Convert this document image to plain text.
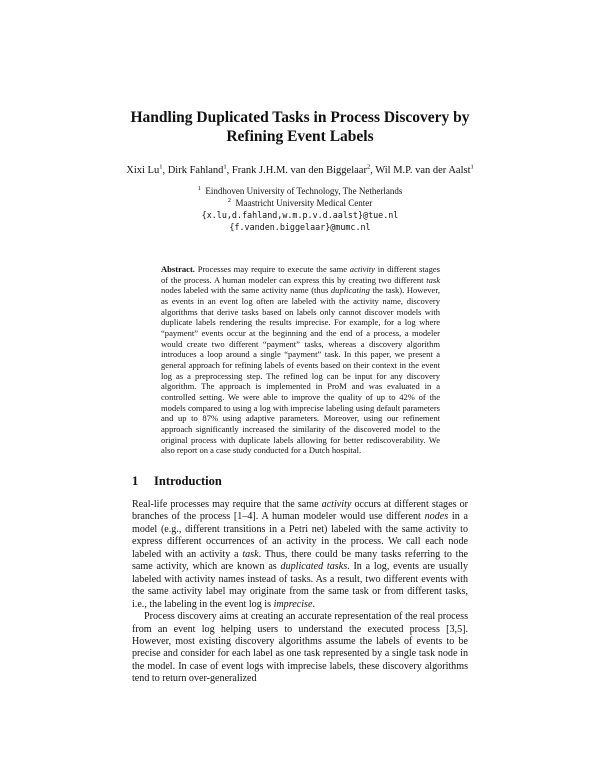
Handling Duplicated Tasks in Process Discovery by
Refining Event Labels
Xixi Lu$^1$, Dirk Fahland$^1$, Frank J.H.M. van den Biggelaar$^2$, Wil M.P. van der Aalst$^1$
$^1$ Eindhoven University of Technology, The Netherlands
$^2$ Maastricht University Medical Center
{x.lu,d.fahland,w.m.p.v.d.aalst}@tue.nl
{f.vanden.biggelaar}@mumc.nl
Abstract. Processes may require to execute the same activity in different stages of the process. A human modeler can express this by creating two different task nodes labeled with the same activity name (thus duplicating the task). However, as events in an event log often are labeled with the activity name, discovery algorithms that derive tasks based on labels only cannot discover models with duplicate labels rendering the results imprecise. For example, for a log where “payment” events occur at the beginning and the end of a process, a modeler would create two different “payment” tasks, whereas a discovery algorithm introduces a loop around a single “payment” task. In this paper, we present a general approach for refining labels of events based on their context in the event log as a preprocessing step. The refined log can be input for any discovery algorithm. The approach is implemented in ProM and was evaluated in a controlled setting. We were able to improve the quality of up to 42% of the models compared to using a log with imprecise labeling using default parameters and up to 87% using adaptive parameters. Moreover, using our refinement approach significantly increased the similarity of the discovered model to the original process with duplicate labels allowing for better rediscoverability. We also report on a case study conducted for a Dutch hospital.
1 Introduction

Real-life processes may require that the same activity occurs at different stages or branches of the process [1–4]. A human modeler would use different nodes in a model (e.g., different transitions in a Petri net) labeled with the same activity to express different occurrences of an activity in the process. We call each node labeled with an activity a task. Thus, there could be many tasks referring to the same activity, which are known as duplicated tasks. In a log, events are usually labeled with activity names instead of tasks. As a result, two different events with the same activity label may originate from the same task or from different tasks, i.e., the labeling in the event log is imprecise.

Process discovery aims at creating an accurate representation of the real process from an event log helping users to understand the executed process [3,5]. However, most existing discovery algorithms assume the labels of events to be precise and consider for each label as one task represented by a single task node in the model. In case of event logs with imprecise labels, these discovery algorithms tend to return over-generalized
